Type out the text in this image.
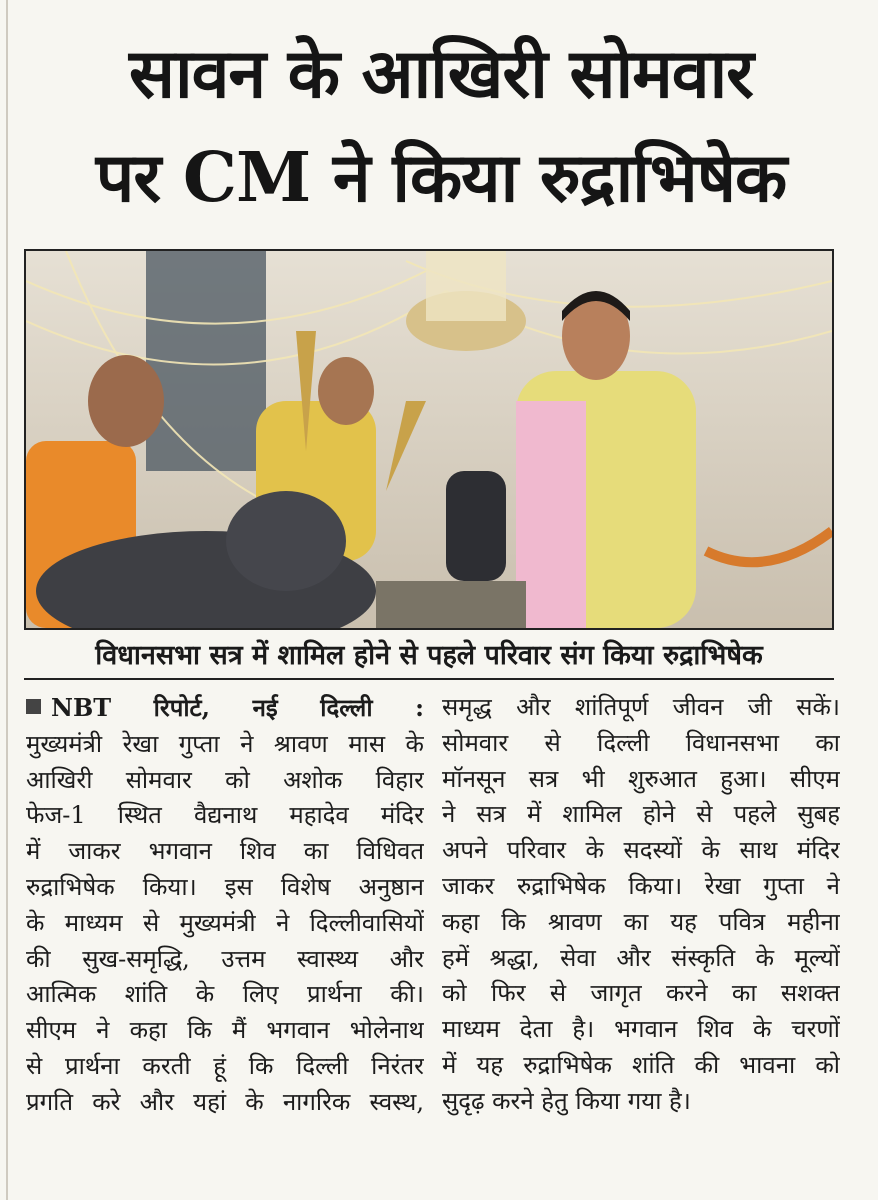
सावन के आखिरी सोमवार
पर CM ने किया रुद्राभिषेक
विधानसभा सत्र में शामिल होने से पहले परिवार संग किया रुद्राभिषेक
NBT रिपोर्ट, नई दिल्ली :
मुख्यमंत्री रेखा गुप्ता ने श्रावण मास के
आखिरी सोमवार को अशोक विहार
फेज-1 स्थित वैद्यनाथ महादेव मंदिर
में जाकर भगवान शिव का विधिवत
रुद्राभिषेक किया। इस विशेष अनुष्ठान
के माध्यम से मुख्यमंत्री ने दिल्लीवासियों
की सुख-समृद्धि, उत्तम स्वास्थ्य और
आत्मिक शांति के लिए प्रार्थना की।
सीएम ने कहा कि मैं भगवान भोलेनाथ
से प्रार्थना करती हूं कि दिल्ली निरंतर
प्रगति करे और यहां के नागरिक स्वस्थ,
समृद्ध और शांतिपूर्ण जीवन जी सकें।
सोमवार से दिल्ली विधानसभा का
मॉनसून सत्र भी शुरुआत हुआ। सीएम
ने सत्र में शामिल होने से पहले सुबह
अपने परिवार के सदस्यों के साथ मंदिर
जाकर रुद्राभिषेक किया। रेखा गुप्ता ने
कहा कि श्रावण का यह पवित्र महीना
हमें श्रद्धा, सेवा और संस्कृति के मूल्यों
को फिर से जागृत करने का सशक्त
माध्यम देता है। भगवान शिव के चरणों
में यह रुद्राभिषेक शांति की भावना को
सुदृढ़ करने हेतु किया गया है।
